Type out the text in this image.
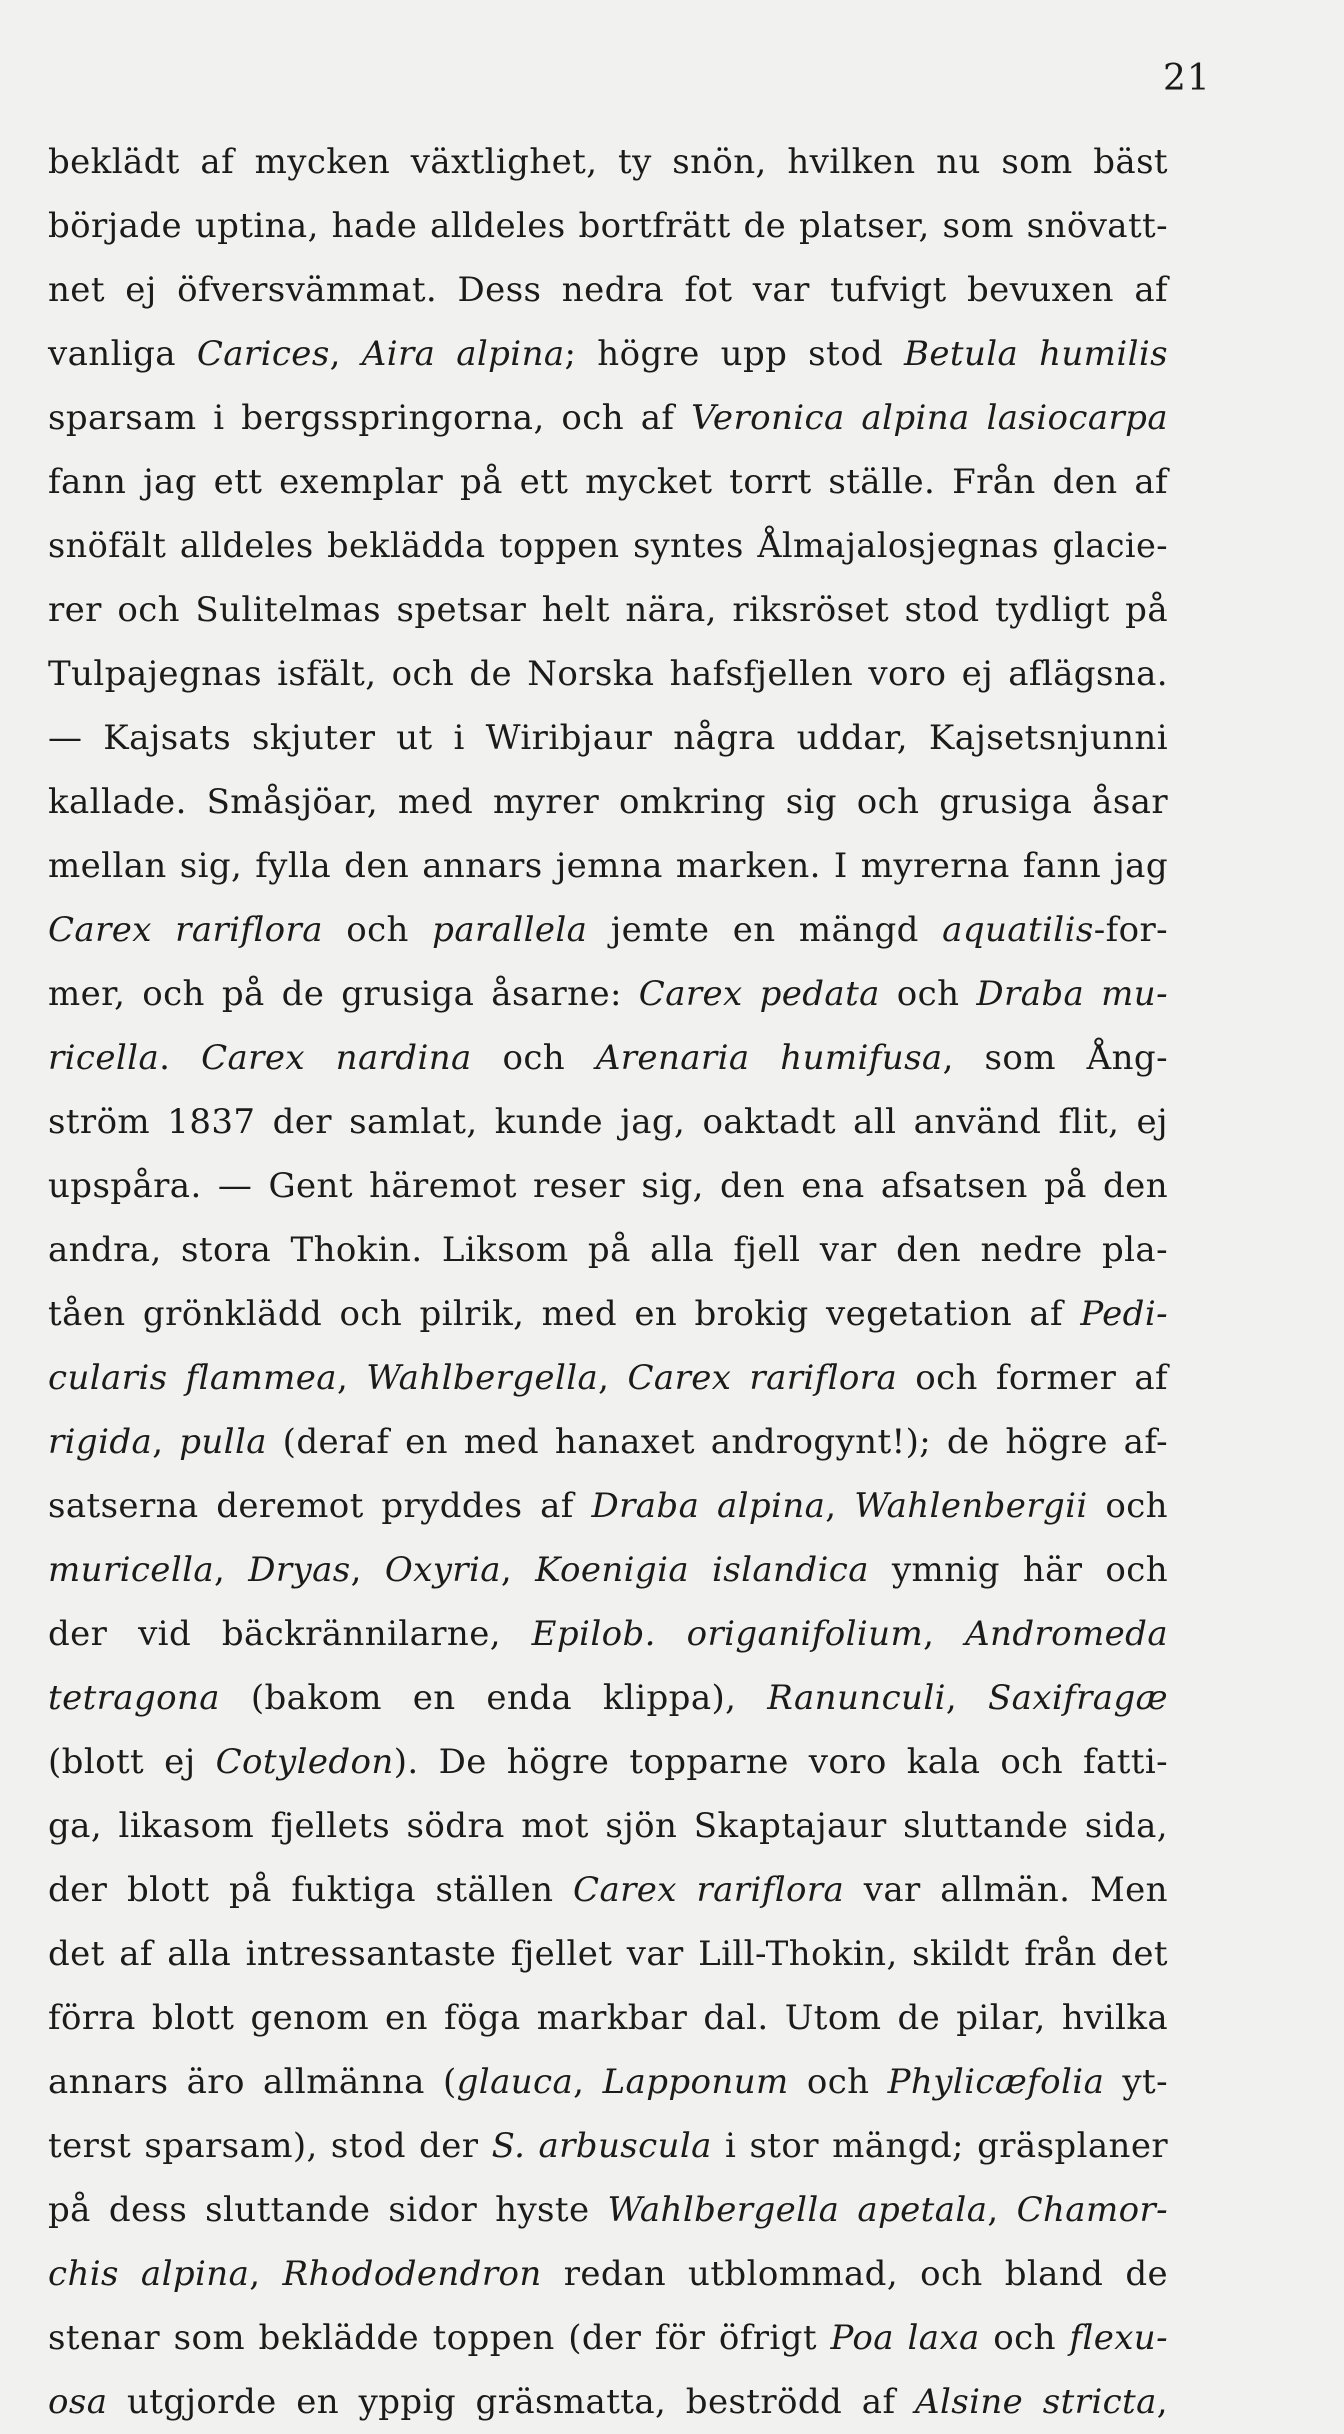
21
beklädt af mycken växtlighet, ty snön, hvilken nu som bäst
började uptina, hade alldeles bortfrätt de platser, som snövatt-
net ej öfversvämmat. Dess nedra fot var tufvigt bevuxen af
vanliga Carices, Aira alpina; högre upp stod Betula humilis
sparsam i bergsspringorna, och af Veronica alpina lasiocarpa
fann jag ett exemplar på ett mycket torrt ställe. Från den af
snöfält alldeles beklädda toppen syntes Ålmajalosjegnas glacie-
rer och Sulitelmas spetsar helt nära, riksröset stod tydligt på
Tulpajegnas isfält, och de Norska hafsfjellen voro ej aflägsna.
— Kajsats skjuter ut i Wiribjaur några uddar, Kajsetsnjunni
kallade. Småsjöar, med myrer omkring sig och grusiga åsar
mellan sig, fylla den annars jemna marken. I myrerna fann jag
Carex rariflora och parallela jemte en mängd aquatilis-for-
mer, och på de grusiga åsarne: Carex pedata och Draba mu-
ricella. Carex nardina och Arenaria humifusa, som Ång-
ström 1837 der samlat, kunde jag, oaktadt all använd flit, ej
upspåra. — Gent häremot reser sig, den ena afsatsen på den
andra, stora Thokin. Liksom på alla fjell var den nedre pla-
tåen grönklädd och pilrik, med en brokig vegetation af Pedi-
cularis flammea, Wahlbergella, Carex rariflora och former af
rigida, pulla (deraf en med hanaxet androgynt!); de högre af-
satserna deremot pryddes af Draba alpina, Wahlenbergii och
muricella, Dryas, Oxyria, Koenigia islandica ymnig här och
der vid bäckrännilarne, Epilob. origanifolium, Andromeda
tetragona (bakom en enda klippa), Ranunculi, Saxifragæ
(blott ej Cotyledon). De högre topparne voro kala och fatti-
ga, likasom fjellets södra mot sjön Skaptajaur sluttande sida,
der blott på fuktiga ställen Carex rariflora var allmän. Men
det af alla intressantaste fjellet var Lill-Thokin, skildt från det
förra blott genom en föga markbar dal. Utom de pilar, hvilka
annars äro allmänna (glauca, Lapponum och Phylicæfolia yt-
terst sparsam), stod der S. arbuscula i stor mängd; gräsplaner
på dess sluttande sidor hyste Wahlbergella apetala, Chamor-
chis alpina, Rhododendron redan utblommad, och bland de
stenar som beklädde toppen (der för öfrigt Poa laxa och flexu-
osa utgjorde en yppig gräsmatta, beströdd af Alsine stricta,
